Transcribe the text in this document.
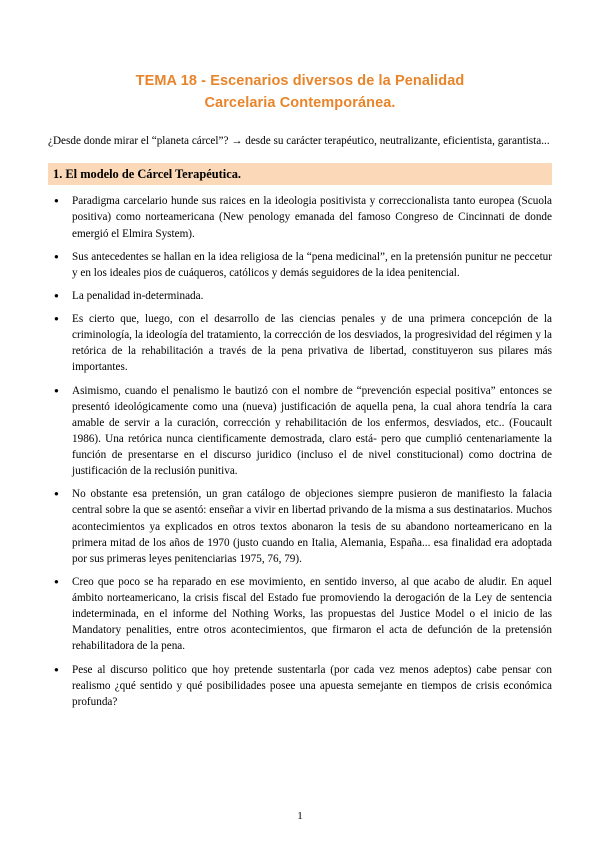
TEMA 18 - Escenarios diversos de la Penalidad
Carcelaria Contemporánea.

¿Desde donde mirar el “planeta cárcel”? → desde su carácter terapéutico, neutralizante, eficientista, garantista...

1. El modelo de Cárcel Terapéutica.
● Paradigma carcelario hunde sus raices en la ideologia positivista y correccionalista tanto europea (Scuola positiva) como norteamericana (New penology emanada del famoso Congreso de Cincinnati de donde emergió el Elmira System).
● Sus antecedentes se hallan en la idea religiosa de la “pena medicinal”, en la pretensión punitur ne peccetur y en los ideales pios de cuáqueros, católicos y demás seguidores de la idea penitencial.
● La penalidad in-determinada.
● Es cierto que, luego, con el desarrollo de las ciencias penales y de una primera concepción de la criminología, la ideología del tratamiento, la corrección de los desviados, la progresividad del régimen y la retórica de la rehabilitación a través de la pena privativa de libertad, constituyeron sus pilares más importantes.
● Asimismo, cuando el penalismo le bautizó con el nombre de “prevención especial positiva” entonces se presentó ideológicamente como una (nueva) justificación de aquella pena, la cual ahora tendría la cara amable de servir a la curación, corrección y rehabilitación de los enfermos, desviados, etc.. (Foucault 1986). Una retórica nunca cientificamente demostrada, claro está- pero que cumplió centenariamente la función de presentarse en el discurso juridico (incluso el de nivel constitucional) como doctrina de justificación de la reclusión punitiva.
● No obstante esa pretensión, un gran catálogo de objeciones siempre pusieron de manifiesto la falacia central sobre la que se asentó: enseñar a vivir en libertad privando de la misma a sus destinatarios. Muchos acontecimientos ya explicados en otros textos abonaron la tesis de su abandono norteamericano en la primera mitad de los años de 1970 (justo cuando en Italia, Alemania, España... esa finalidad era adoptada por sus primeras leyes penitenciarias 1975, 76, 79).
● Creo que poco se ha reparado en ese movimiento, en sentido inverso, al que acabo de aludir. En aquel ámbito norteamericano, la crisis fiscal del Estado fue promoviendo la derogación de la Ley de sentencia indeterminada, en el informe del Nothing Works, las propuestas del Justice Model o el inicio de las Mandatory penalities, entre otros acontecimientos, que firmaron el acta de defunción de la pretensión rehabilitadora de la pena.
● Pese al discurso politico que hoy pretende sustentarla (por cada vez menos adeptos) cabe pensar con realismo ¿qué sentido y qué posibilidades posee una apuesta semejante en tiempos de crisis económica profunda?
1
